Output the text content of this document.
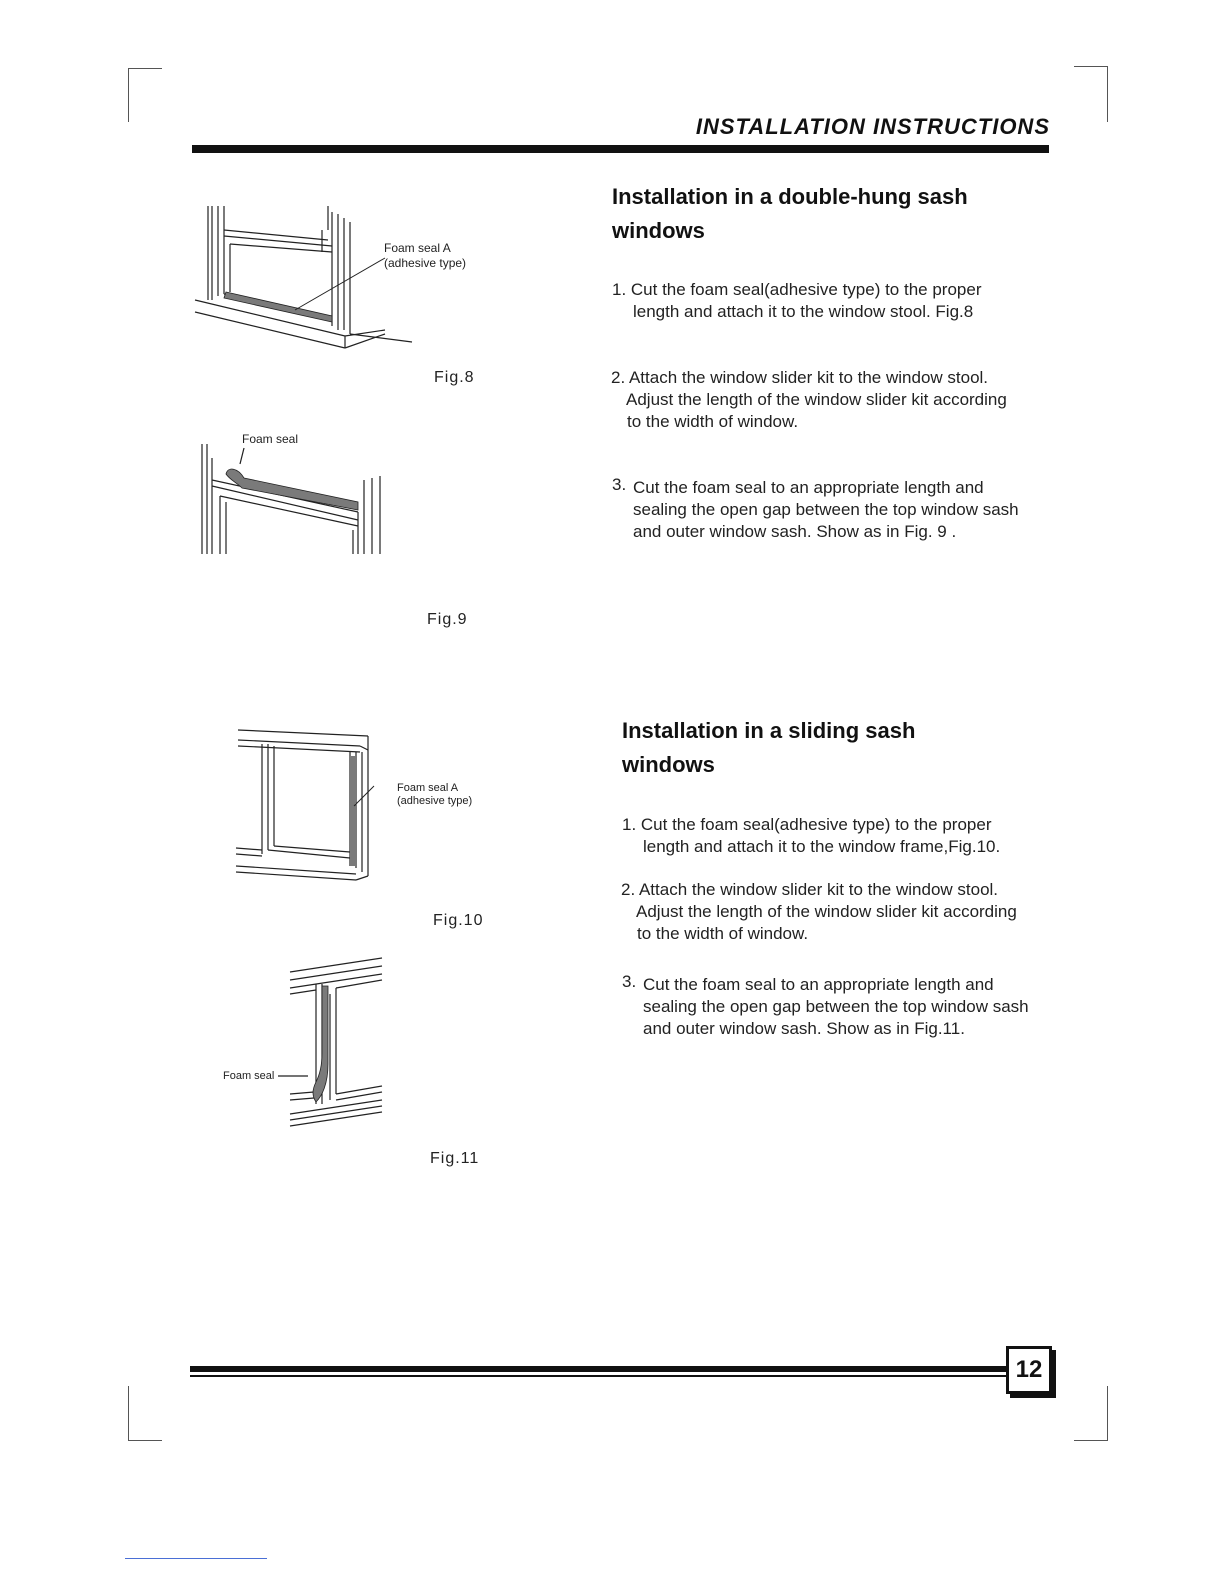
INSTALLATION INSTRUCTIONS
Installation in a double-hung sash
windows

1. Cut the foam seal(adhesive type) to the proper

length and attach it to the window stool. Fig.8

2. Attach the window slider kit to the window stool.

Adjust the length of the window slider kit according

to the width of window.

3. Cut the foam seal to an appropriate length and

sealing the open gap between the top window sash

and outer window sash. Show as in Fig. 9 .

Installation in a sliding sash
windows

1. Cut the foam seal(adhesive type) to the proper

length and attach it to the window frame,Fig.10.

2. Attach the window slider kit to the window stool.

Adjust the length of the window slider kit according

to the width of window.

3. Cut the foam seal to an appropriate length and

sealing the open gap between the top window sash

and outer window sash. Show as in Fig.11.

Foam seal A
(adhesive type)
Fig.8
Foam seal
Fig.9
Foam seal A
(adhesive type)
Fig.10
Foam seal
Fig.11
12
